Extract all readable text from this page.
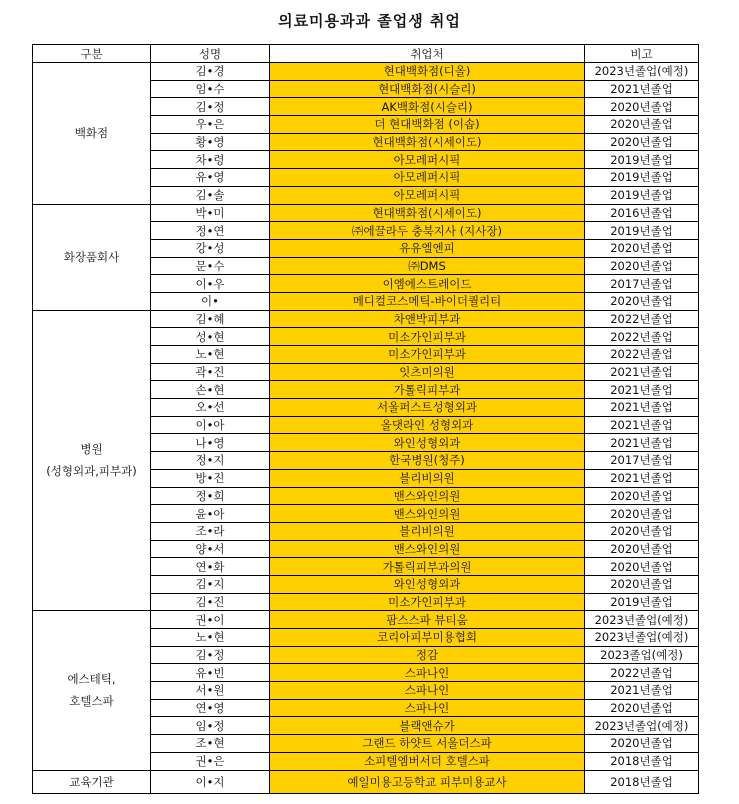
의료미용과과 졸업생 취업
구분	성명	취업처	비고

백화점	김•경	현대백화점(디올)	2023년졸업(예정)
	임•수	현대백화점(시슬리)	2021년졸업
	김•정	AK백화점(시슬리)	2020년졸업
	우•은	더 현대백화점 (이솝)	2020년졸업
	황•영	현대백화점(시세이도)	2020년졸업
	차•령	아모레퍼시픽	2019년졸업
	유•영	아모레퍼시픽	2019년졸업
	김•솔	아모레퍼시픽	2019년졸업

화장품회사	박•미	현대백화점(시세이도)	2016년졸업
	정•연	㈜에끌라두 충북지사 (지사장)	2019년졸업
	강•성	유유엘엔피	2020년졸업
	문•수	㈜DMS	2020년졸업
	이•우	이엠에스트레이드	2017년졸업
	이•	메디컬코스메틱-바이더퀄리티	2020년졸업

병원
(성형외과,피부과)	김•혜	차앤박피부과	2022년졸업
	성•현	미소가인피부과	2022년졸업
	노•현	미소가인피부과	2022년졸업
	곽•진	잇츠미의원	2021년졸업
	손•현	가톨릭피부과	2021년졸업
	오•선	서울퍼스트성형외과	2021년졸업
	이•아	올댓라인 성형외과	2021년졸업
	나•영	와인성형외과	2021년졸업
	정•지	한국병원(청주)	2017년졸업
	방•진	블리비의원	2021년졸업
	정•희	밴스와인의원	2020년졸업
	윤•아	밴스와인의원	2020년졸업
	조•라	블리비의원	2020년졸업
	양•서	밴스와인의원	2020년졸업
	연•화	가톨릭피부과의원	2020년졸업
	김•지	와인성형외과	2020년졸업
	김•진	미소가인피부과	2019년졸업

에스테틱,
호텔스파	권•이	팜스스파 뷰티움	2023년졸업(예정)
	노•현	코리아피부미용협회	2023년졸업(예정)
	김•정	정감	2023졸업(예정)
	유•빈	스파나인	2022년졸업
	서•원	스파나인	2021년졸업
	연•영	스파나인	2020년졸업
	임•정	블랙앤슈가	2023년졸업(예정)
	조•현	그랜드 하얏트 서울더스파	2020년졸업
	권•은	소피텔엠버서더 호텔스파	2018년졸업

교육기관	이•지	예일미용고등학교 피부미용교사	2018년졸업
